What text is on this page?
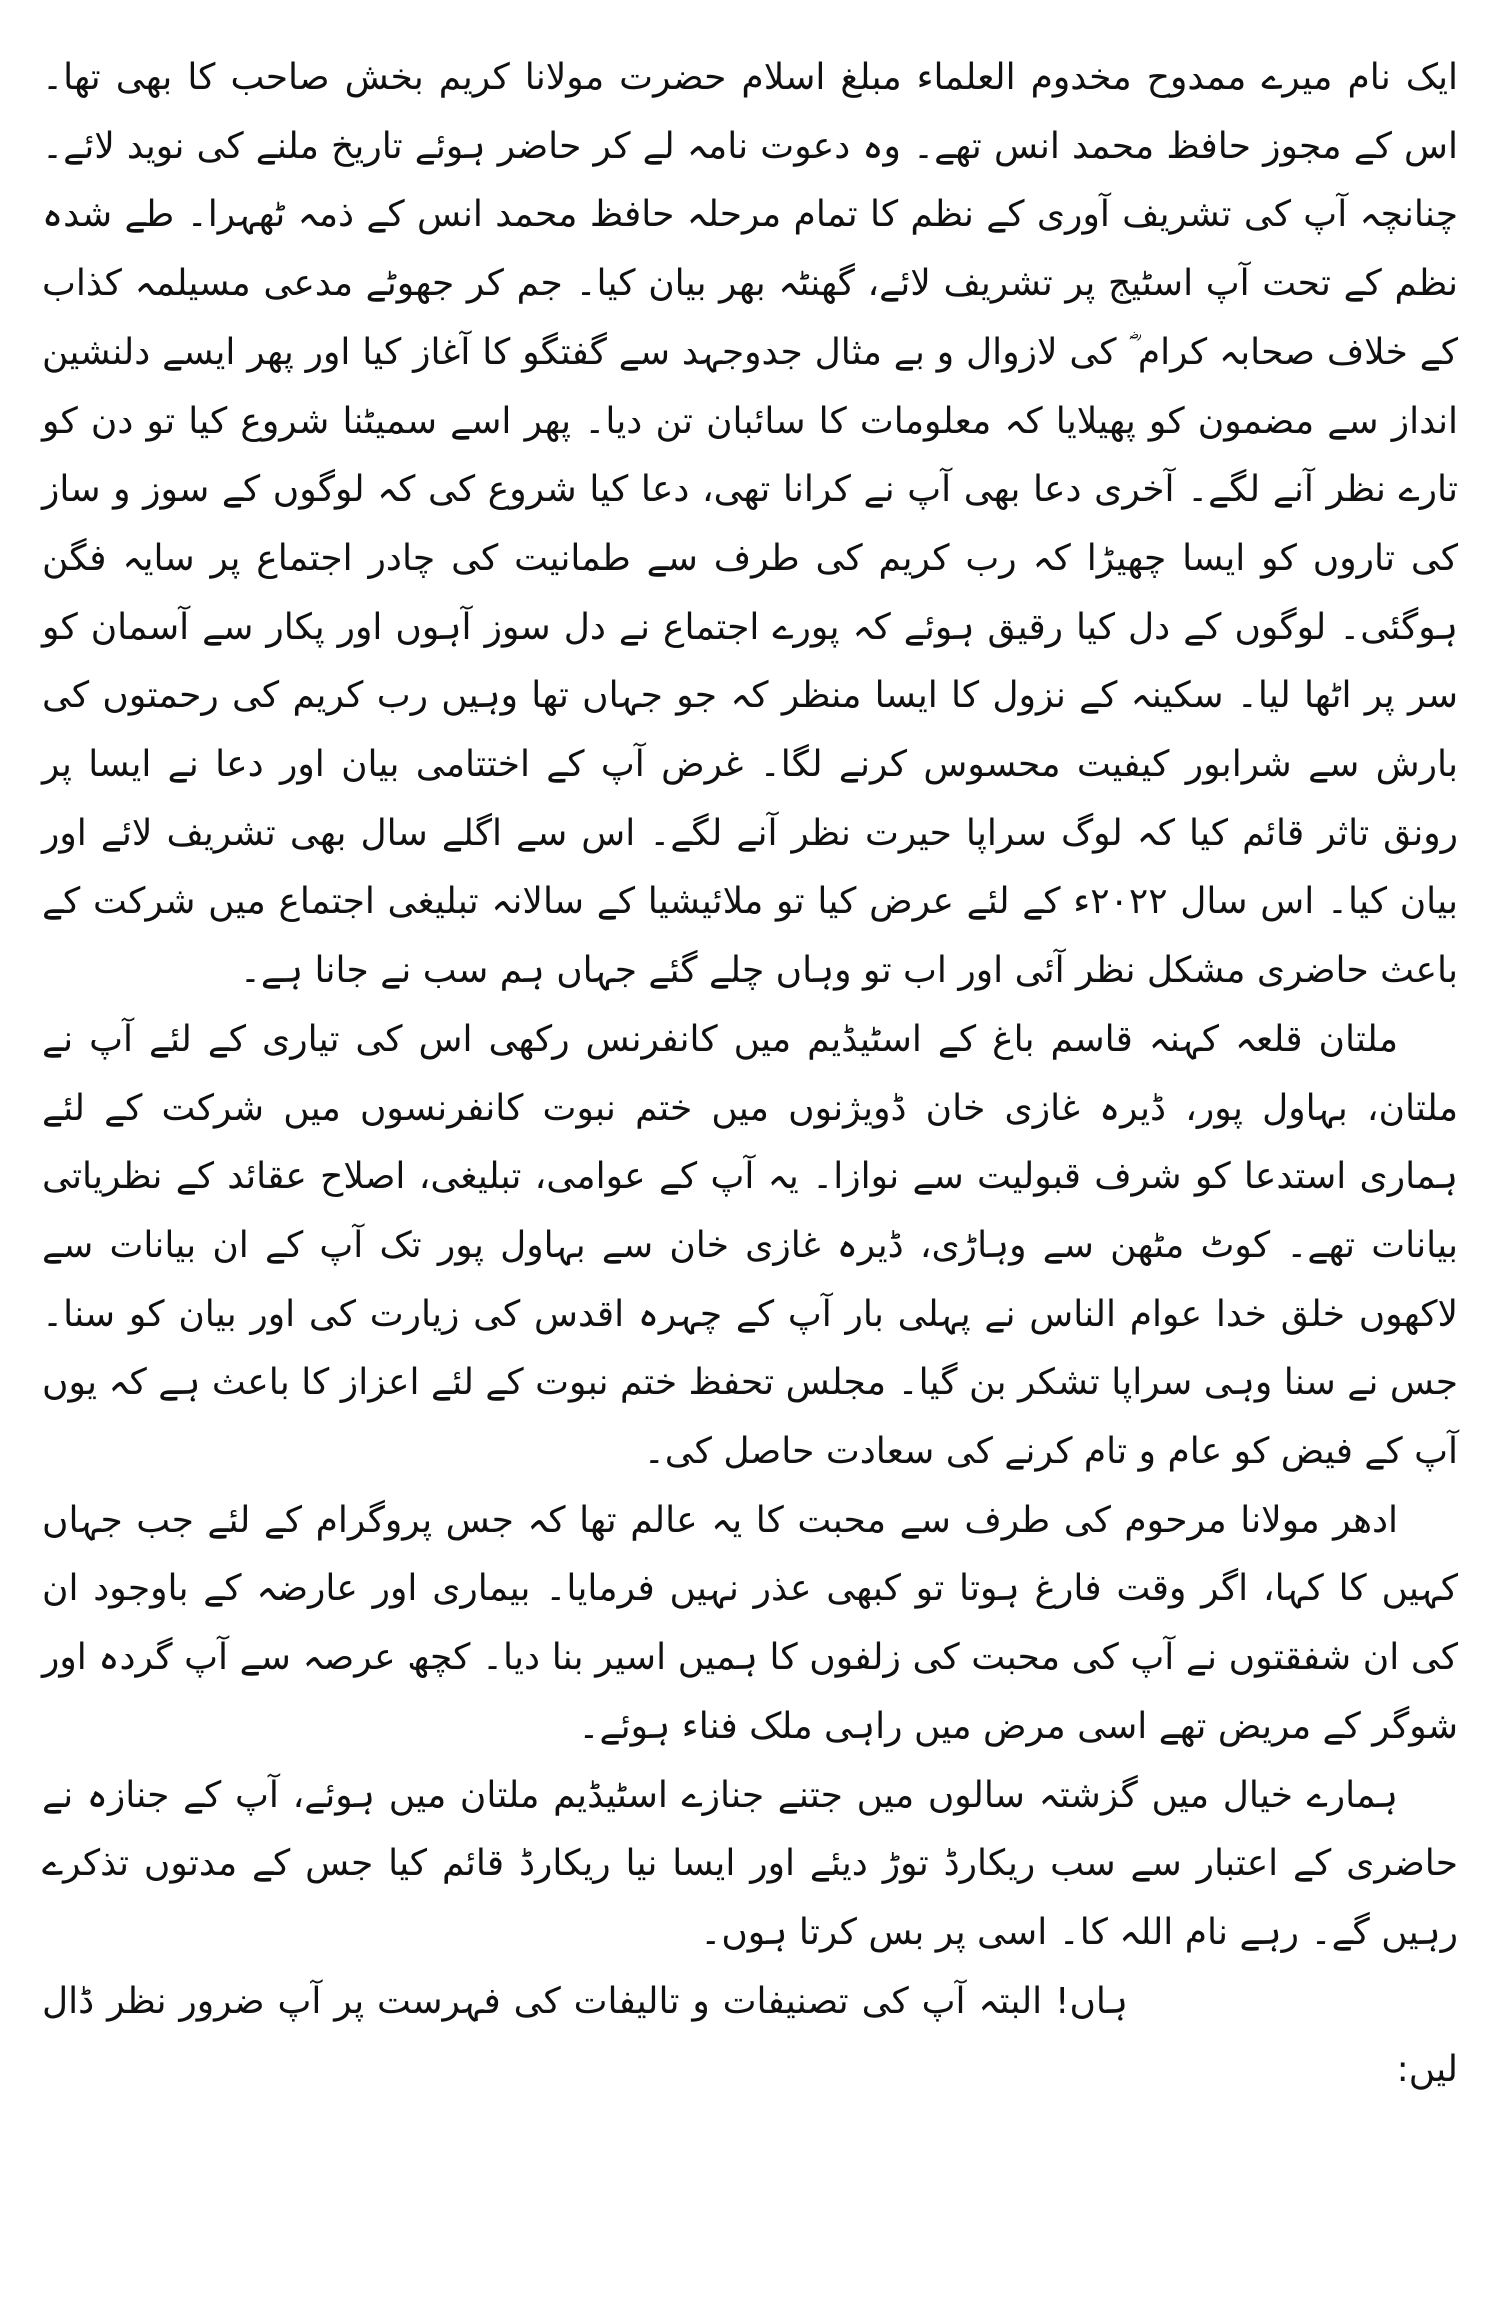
ایک نام میرے ممدوح مخدوم العلماء مبلغ اسلام حضرت مولانا کریم بخش صاحب کا بھی تھا۔اس کے مجوز حافظ محمد انس تھے۔ وہ دعوت نامہ لے کر حاضر ہوئے تاریخ ملنے کی نوید لائے۔ چنانچہ آپ کی تشریف آوری کے نظم کا تمام مرحلہ حافظ محمد انس کے ذمہ ٹھہرا۔ طے شدہ نظم کے تحت آپ اسٹیج پر تشریف لائے، گھنٹہ بھر بیان کیا۔ جم کر جھوٹے مدعی مسیلمہ کذاب کے خلاف صحابہ کرام ؓ کی لازوال و بے مثال جدوجہد سے گفتگو کا آغاز کیا اور پھر ایسے دلنشین انداز سے مضمون کو پھیلایا کہ معلومات کا سائبان تن دیا۔ پھر اسے سمیٹنا شروع کیا تو دن کو تارے نظر آنے لگے۔ آخری دعا بھی آپ نے کرانا تھی، دعا کیا شروع کی کہ لوگوں کے سوز و ساز کی تاروں کو ایسا چھیڑا کہ رب کریم کی طرف سے طمانیت کی چادر اجتماع پر سایہ فگن ہوگئی۔ لوگوں کے دل کیا رقیق ہوئے کہ پورے اجتماع نے دل سوز آہوں اور پکار سے آسمان کو سر پر اٹھا لیا۔ سکینہ کے نزول کا ایسا منظر کہ جو جہاں تھا وہیں رب کریم کی رحمتوں کی بارش سے شرابور کیفیت محسوس کرنے لگا۔ غرض آپ کے اختتامی بیان اور دعا نے ایسا پر رونق تاثر قائم کیا کہ لوگ سراپا حیرت نظر آنے لگے۔ اس سے اگلے سال بھی تشریف لائے اور بیان کیا۔ اس سال ۲۰۲۲ء کے لئے عرض کیا تو ملائیشیا کے سالانہ تبلیغی اجتماع میں شرکت کے باعث حاضری مشکل نظر آئی اور اب تو وہاں چلے گئے جہاں ہم سب نے جانا ہے۔

ملتان قلعہ کہنہ قاسم باغ کے اسٹیڈیم میں کانفرنس رکھی اس کی تیاری کے لئے آپ نے ملتان، بہاول پور، ڈیرہ غازی خان ڈویژنوں میں ختم نبوت کانفرنسوں میں شرکت کے لئے ہماری استدعا کو شرف قبولیت سے نوازا۔ یہ آپ کے عوامی، تبلیغی، اصلاح عقائد کے نظریاتی بیانات تھے۔ کوٹ مٹھن سے وہاڑی، ڈیرہ غازی خان سے بہاول پور تک آپ کے ان بیانات سے لاکھوں خلق خدا عوام الناس نے پہلی بار آپ کے چہرہ اقدس کی زیارت کی اور بیان کو سنا۔ جس نے سنا وہی سراپا تشکر بن گیا۔ مجلس تحفظ ختم نبوت کے لئے اعزاز کا باعث ہے کہ یوں آپ کے فیض کو عام و تام کرنے کی سعادت حاصل کی۔

ادھر مولانا مرحوم کی طرف سے محبت کا یہ عالم تھا کہ جس پروگرام کے لئے جب جہاں کہیں کا کہا، اگر وقت فارغ ہوتا تو کبھی عذر نہیں فرمایا۔ بیماری اور عارضہ کے باوجود ان کی ان شفقتوں نے آپ کی محبت کی زلفوں کا ہمیں اسیر بنا دیا۔ کچھ عرصہ سے آپ گردہ اور شوگر کے مریض تھے اسی مرض میں راہی ملک فناء ہوئے۔

ہمارے خیال میں گزشتہ سالوں میں جتنے جنازے اسٹیڈیم ملتان میں ہوئے، آپ کے جنازہ نے حاضری کے اعتبار سے سب ریکارڈ توڑ دیئے اور ایسا نیا ریکارڈ قائم کیا جس کے مدتوں تذکرے رہیں گے۔ رہے نام اللہ کا۔ اسی پر بس کرتا ہوں۔

ہاں! البتہ آپ کی تصنیفات و تالیفات کی فہرست پر آپ ضرور نظر ڈال لیں:
